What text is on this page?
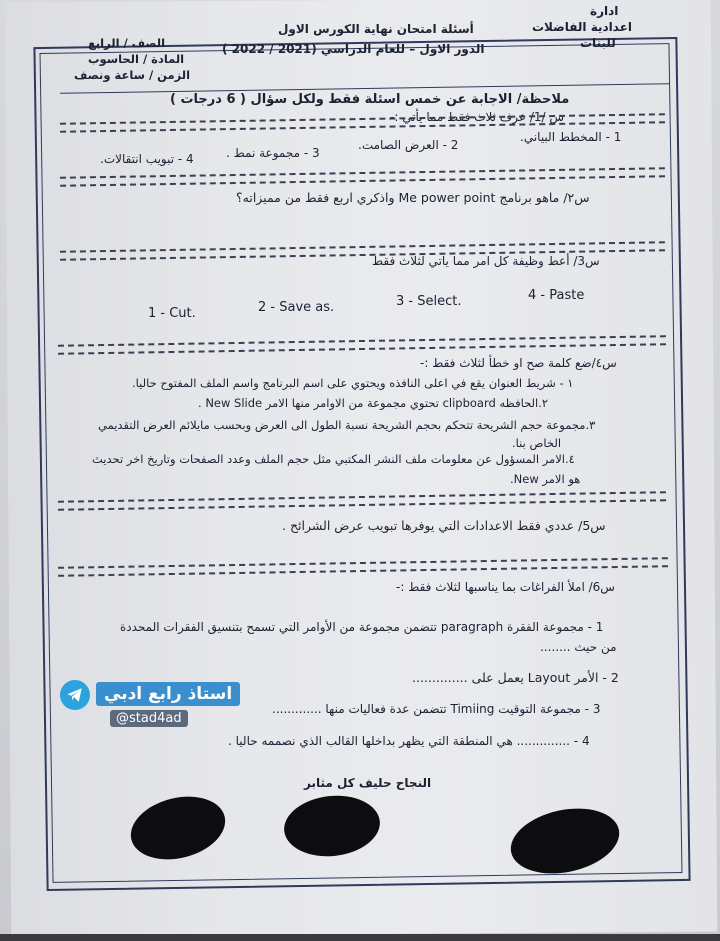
ادارة
اعدادية الفاضلات
للبنات
أسئلة امتحان نهاية الكورس الاول
الدور الاول – للعام الدراسي (2021 / 2022 )
الصف / الرابع
المادة / الحاسوب
الزمن / ساعة ونصف
ملاحظة/ الاجابة عن خمس اسئلة فقط ولكل سؤال ( 6 درجات )
س /1/ عرف ثلاث فقط مما يأتي :-
1 - المخطط البياني.
2 - العرض الصامت.
3 - مجموعة نمط .
4 - تبويب انتقالات.
س٢/ ماهو برنامج Me power point واذكري اربع فقط من مميزاته؟
س3/ أعط وظيفة كل امر مما ياتي لثلاث فقط
1 - Cut.	2 - Save as.	3 - Select.	4 - Paste
س٤/ضع كلمة صح او خطأ لثلاث فقط :-
١ - شريط العنوان يقع في اعلى النافذه ويحتوي على اسم البرنامج واسم الملف المفتوح حاليا.
٢.الحافظه clipboard تحتوي مجموعة من الاوامر منها الامر New Slide .
٣.مجموعة حجم الشريحة تتحكم بحجم الشريحة نسبة الطول الى العرض وبحسب مايلائم العرض التقديمي
الخاص بنا.
٤.الامر المسؤول عن معلومات ملف النشر المكتبي مثل حجم الملف وعدد الصفحات وتاريخ اخر تحديث
هو الامر New.
س5/ عددي فقط الاعدادات التي يوفرها تبويب عرض الشرائح .
س6/ املأ الفراغات بما يناسبها لثلاث فقط :-
1 - مجموعة الفقرة paragraph تتضمن مجموعة من الأوامر التي تسمح بتنسيق الفقرات المحددة
من حيث ........
2 - الأمر Layout يعمل على ..............
3 - مجموعة التوقيت Timiing تتضمن عدة فعاليات منها .............
4 - .............. هي المنطقة التي يظهر بداخلها القالب الذي نصممه حاليا .
النجاح حليف كل مثابر
استاذ رابع ادبي
@stad4ad
